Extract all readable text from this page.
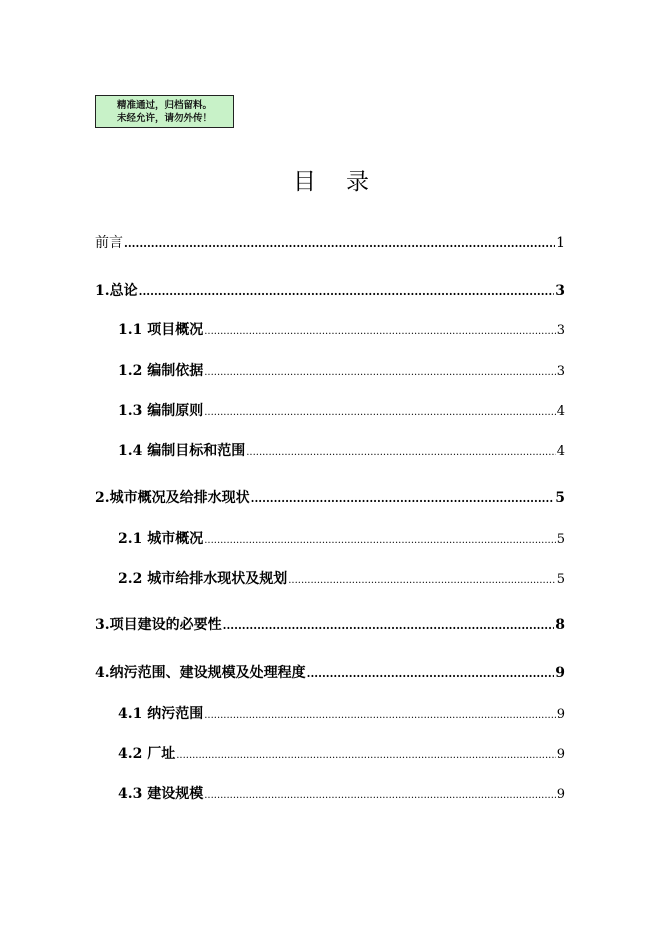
精准通过，归档留料。
未经允许，请勿外传！
目 录
前言 .....	1
1.总论 .....	3
1.1 项目概况 .....	3
1.2 编制依据 .....	3
1.3 编制原则 .....	4
1.4 编制目标和范围 .....	4
2.城市概况及给排水现状 .....	5
2.1 城市概况 .....	5
2.2 城市给排水现状及规划 .....	5
3.项目建设的必要性 .....	8
4.纳污范围、建设规模及处理程度 .....	9
4.1 纳污范围 .....	9
4.2 厂址 .....	9
4.3 建设规模 .....	9
